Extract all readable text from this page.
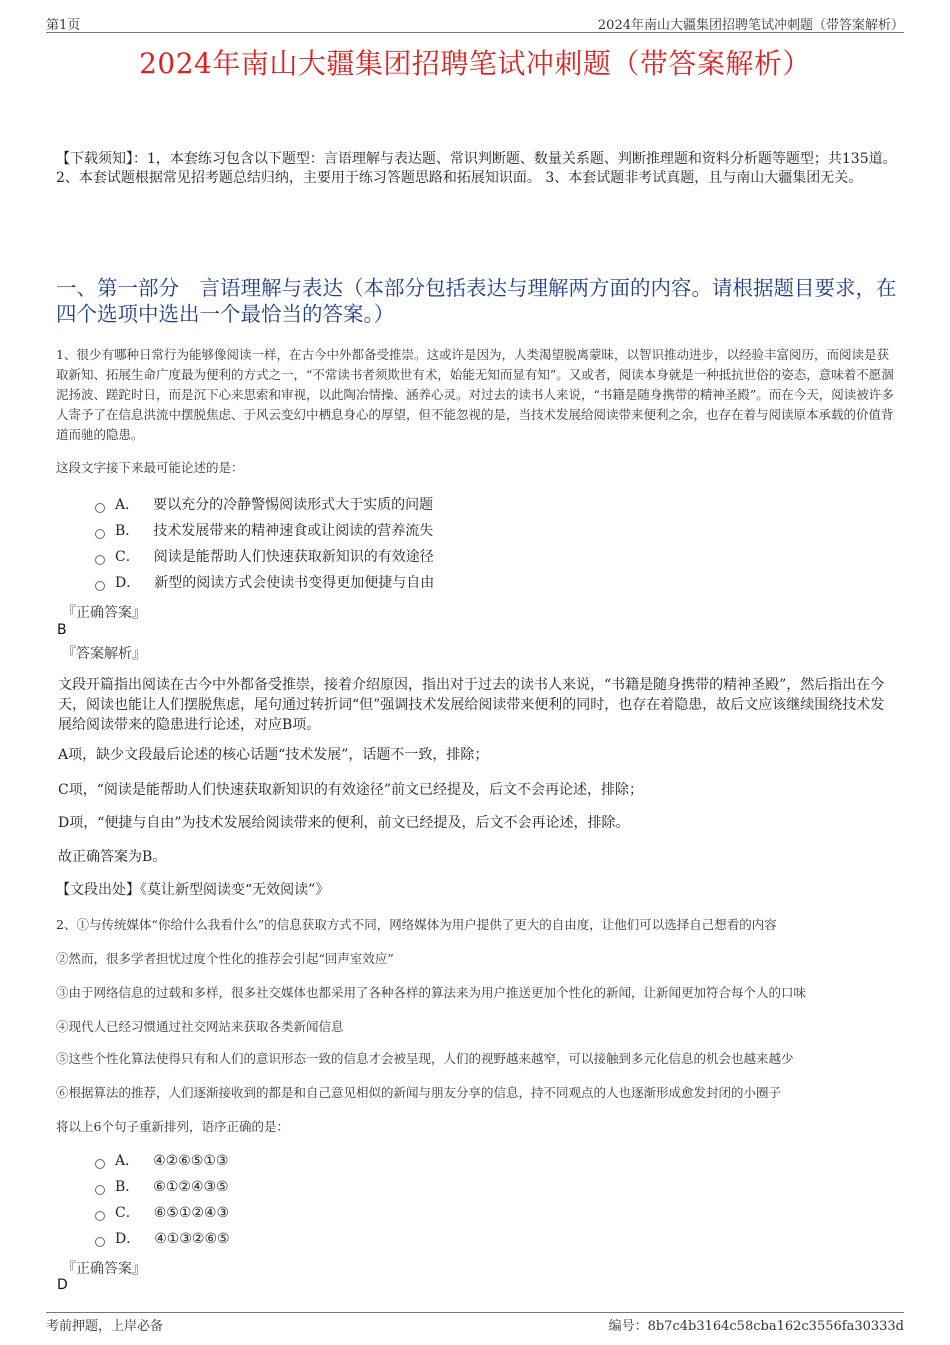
第1页	2024年南山大疆集团招聘笔试冲刺题（带答案解析）
2024年南山大疆集团招聘笔试冲刺题（带答案解析）
【下载须知】：1，本套练习包含以下题型：言语理解与表达题、常识判断题、数量关系题、判断推理题和资料分析题等题型；共135道。 2、本套试题根据常见招考题总结归纳，主要用于练习答题思路和拓展知识面。 3、本套试题非考试真题，且与南山大疆集团无关。
一、第一部分　言语理解与表达（本部分包括表达与理解两方面的内容。请根据题目要求，在四个选项中选出一个最恰当的答案。）
1、很少有哪种日常行为能够像阅读一样，在古今中外都备受推崇。这或许是因为，人类渴望脱离蒙昧，以智识推动进步，以经验丰富阅历，而阅读是获取新知、拓展生命广度最为便利的方式之一，“不常读书者须欺世有术，始能无知而显有知”。又或者，阅读本身就是一种抵抗世俗的姿态，意味着不愿涸泥扬波、蹉跎时日，而是沉下心来思索和审视，以此陶冶情操、涵养心灵。对过去的读书人来说，“书籍是随身携带的精神圣殿”。而在今天，阅读被许多人寄予了在信息洪流中摆脱焦虑、于风云变幻中栖息身心的厚望，但不能忽视的是，当技术发展给阅读带来便利之余，也存在着与阅读原本承载的价值背道而驰的隐患。
这段文字接下来最可能论述的是：
A． 要以充分的冷静警惕阅读形式大于实质的问题
B． 技术发展带来的精神速食或让阅读的营养流失
C． 阅读是能帮助人们快速获取新知识的有效途径
D． 新型的阅读方式会使读书变得更加便捷与自由
『正确答案』
B
『答案解析』
文段开篇指出阅读在古今中外都备受推崇，接着介绍原因，指出对于过去的读书人来说，“书籍是随身携带的精神圣殿”，然后指出在今天，阅读也能让人们摆脱焦虑，尾句通过转折词“但”强调技术发展给阅读带来便利的同时，也存在着隐患，故后文应该继续围绕技术发展给阅读带来的隐患进行论述，对应B项。
A项，缺少文段最后论述的核心话题“技术发展”，话题不一致，排除；
C项，“阅读是能帮助人们快速获取新知识的有效途径”前文已经提及，后文不会再论述，排除；
D项，“便捷与自由”为技术发展给阅读带来的便利，前文已经提及，后文不会再论述，排除。
故正确答案为B。
【文段出处】《莫让新型阅读变“无效阅读”》
2、①与传统媒体“你给什么我看什么”的信息获取方式不同，网络媒体为用户提供了更大的自由度，让他们可以选择自己想看的内容
②然而，很多学者担忧过度个性化的推荐会引起“回声室效应”
③由于网络信息的过载和多样，很多社交媒体也都采用了各种各样的算法来为用户推送更加个性化的新闻，让新闻更加符合每个人的口味
④现代人已经习惯通过社交网站来获取各类新闻信息
⑤这些个性化算法使得只有和人们的意识形态一致的信息才会被呈现，人们的视野越来越窄，可以接触到多元化信息的机会也越来越少
⑥根据算法的推荐，人们逐渐接收到的都是和自己意见相似的新闻与朋友分享的信息，持不同观点的人也逐渐形成愈发封闭的小圈子
将以上6个句子重新排列，语序正确的是：
A． ④②⑥⑤①③
B． ⑥①②④③⑤
C． ⑥⑤①②④③
D． ④①③②⑥⑤
『正确答案』
D
考前押题，上岸必备	编号：8b7c4b3164c58cba162c3556fa30333d
